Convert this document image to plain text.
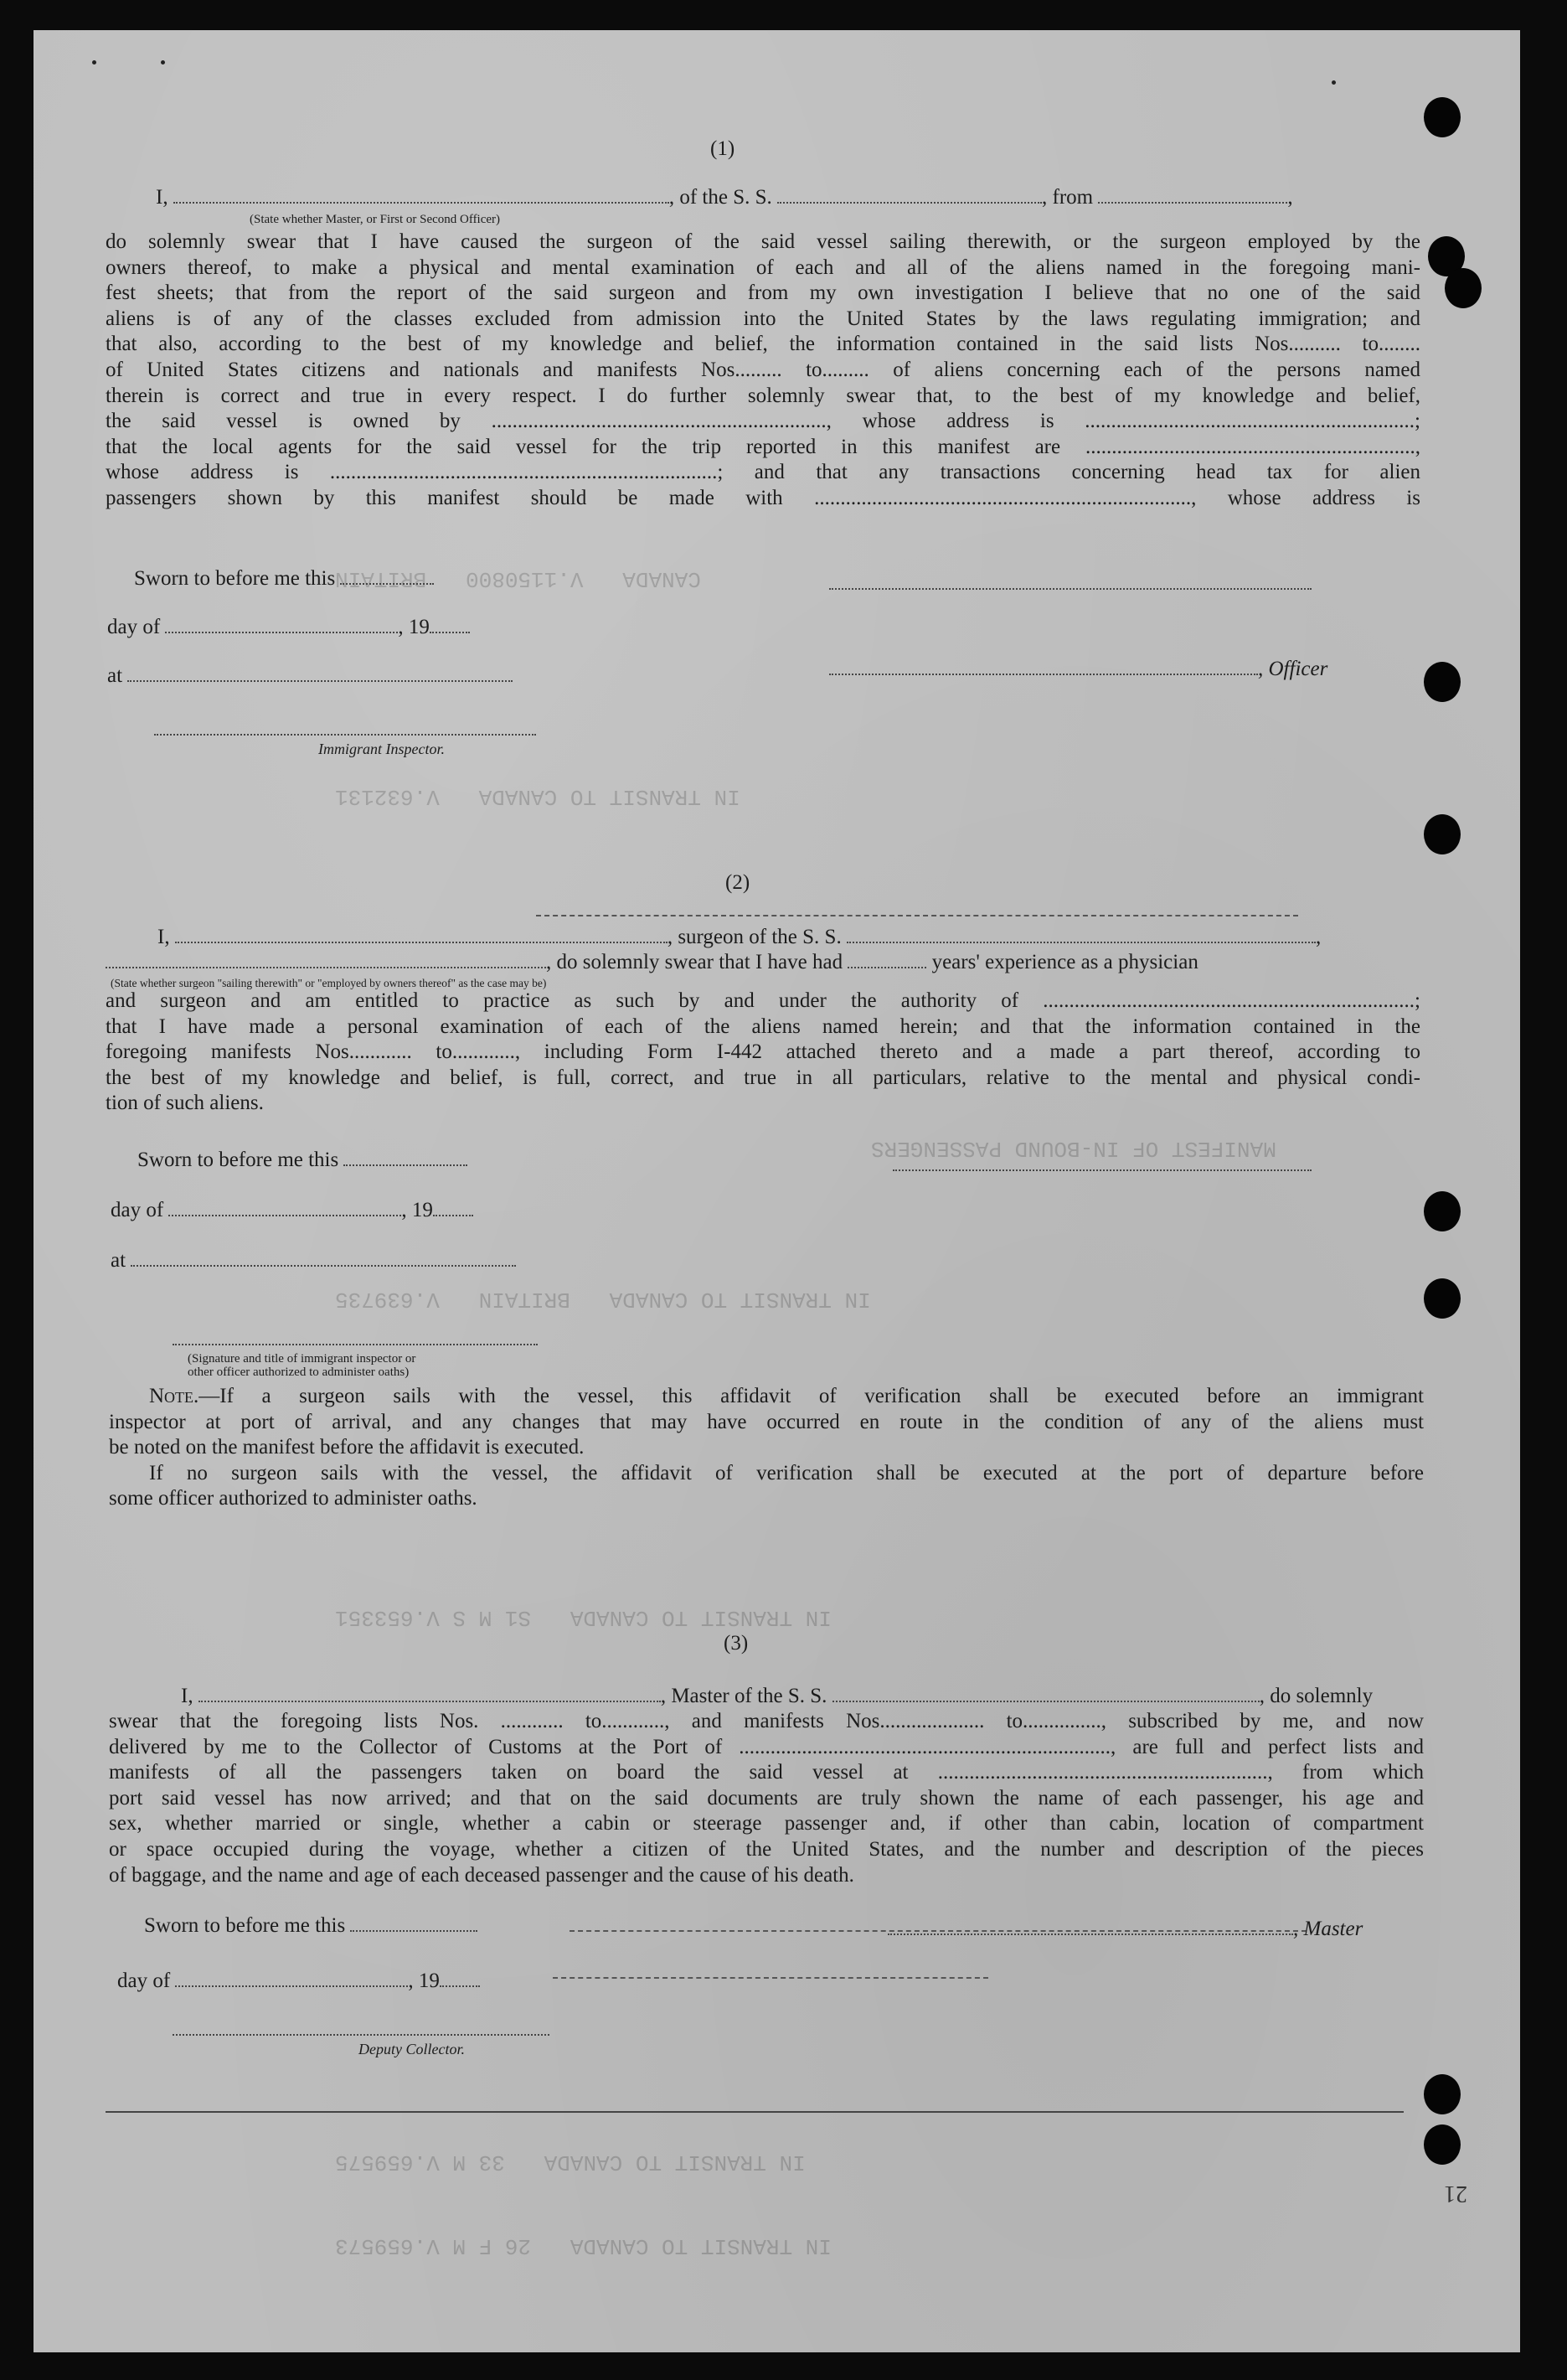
MANIFEST OF IN-BOUND PASSENGERS
IN TRANSIT TO CANADA   BRITAIN   V.639735
IN TRANSIT TO CANADA   S1 M S V.653351
IN TRANSIT TO CANADA   33 M V.659575
IN TRANSIT TO CANADA   26 F M V.659573
CANADA   V.1150800   BRITAIN
IN TRANSIT TO CANADA   V.632131
(1)
I,	, of the S. S.	, from	,
(State whether Master, or First or Second Officer)

do solemnly swear that I have caused the surgeon of the said vessel sailing therewith, or the surgeon employed by the

owners thereof, to make a physical and mental examination of each and all of the aliens named in the foregoing mani-

fest sheets; that from the report of the said surgeon and from my own investigation I believe that no one of the said

aliens is of any of the classes excluded from admission into the United States by the laws regulating immigration; and

that also, according to the best of my knowledge and belief, the information contained in the said lists Nos.......... to........

of United States citizens and nationals and manifests Nos......... to......... of aliens concerning each of the persons named

therein is correct and true in every respect. I do further solemnly swear that, to the best of my knowledge and belief,

the said vessel is owned by ................................................................, whose address is ...............................................................;

that the local agents for the said vessel for the trip reported in this manifest are ...............................................................,

whose address is ..........................................................................; and that any transactions concerning head tax for alien

passengers shown by this manifest should be made with ........................................................................, whose address is

Sworn to before me this
day of	, 19
, Officer
at
Immigrant Inspector.
(2)
I,	, surgeon of the S. S.	,
, do solemnly swear that I have had	years' experience as a physician
(State whether surgeon "sailing therewith" or "employed by owners thereof" as the case may be)

and surgeon and am entitled to practice as such by and under the authority of .......................................................................;

that I have made a personal examination of each of the aliens named herein; and that the information contained in the

foregoing manifests Nos............ to............, including Form I-442 attached thereto and a made a part thereof, according to

the best of my knowledge and belief, is full, correct, and true in all particulars, relative to the mental and physical condi-

tion of such aliens.

Sworn to before me this
day of	, 19
at
(Signature and title of immigrant inspector or
other officer authorized to administer oaths)

Note.—If a surgeon sails with the vessel, this affidavit of verification shall be executed before an immigrant

inspector at port of arrival, and any changes that may have occurred en route in the condition of any of the aliens must

be noted on the manifest before the affidavit is executed.

If no surgeon sails with the vessel, the affidavit of verification shall be executed at the port of departure before

some officer authorized to administer oaths.

(3)
I,	, Master of the S. S.	, do solemnly

swear that the foregoing lists Nos. ............ to............, and manifests Nos.................... to..............., subscribed by me, and now

delivered by me to the Collector of Customs at the Port of ......................................................................., are full and perfect lists and

manifests of all the passengers taken on board the said vessel at ..............................................................., from which

port said vessel has now arrived; and that on the said documents are truly shown the name of each passenger, his age and

sex, whether married or single, whether a cabin or steerage passenger and, if other than cabin, location of compartment

or space occupied during the voyage, whether a citizen of the United States, and the number and description of the pieces

of baggage, and the name and age of each deceased passenger and the cause of his death.

Sworn to before me this	, Master
day of	, 19
Deputy Collector.
21
